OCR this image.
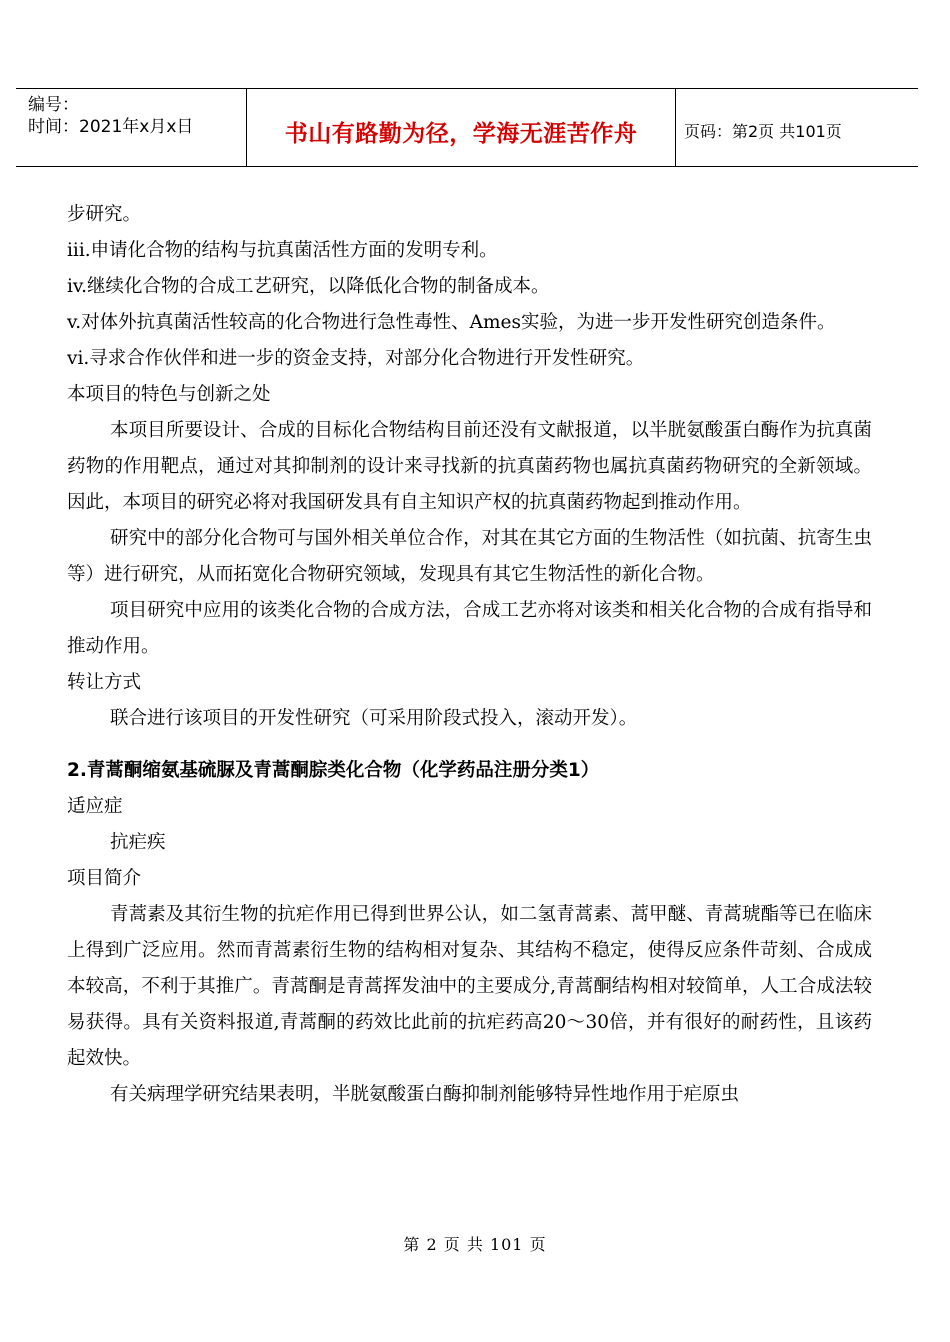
编号：
时间：2021年x月x日	书山有路勤为径，学海无涯苦作舟	页码：第2页 共101页

步研究。

iii.申请化合物的结构与抗真菌活性方面的发明专利。

iv.继续化合物的合成工艺研究，以降低化合物的制备成本。

v.对体外抗真菌活性较高的化合物进行急性毒性、Ames实验，为进一步开发性研究创造条件。

vi.寻求合作伙伴和进一步的资金支持，对部分化合物进行开发性研究。

本项目的特色与创新之处

本项目所要设计、合成的目标化合物结构目前还没有文献报道，以半胱氨酸蛋白酶作为抗真菌药物的作用靶点，通过对其抑制剂的设计来寻找新的抗真菌药物也属抗真菌药物研究的全新领域。因此，本项目的研究必将对我国研发具有自主知识产权的抗真菌药物起到推动作用。

研究中的部分化合物可与国外相关单位合作，对其在其它方面的生物活性（如抗菌、抗寄生虫等）进行研究，从而拓宽化合物研究领域，发现具有其它生物活性的新化合物。

项目研究中应用的该类化合物的合成方法，合成工艺亦将对该类和相关化合物的合成有指导和推动作用。

转让方式

联合进行该项目的开发性研究（可采用阶段式投入，滚动开发）。

2.青蒿酮缩氨基硫脲及青蒿酮腙类化合物（化学药品注册分类1）

适应症

抗疟疾

项目简介

青蒿素及其衍生物的抗疟作用已得到世界公认，如二氢青蒿素、蒿甲醚、青蒿琥酯等已在临床上得到广泛应用。然而青蒿素衍生物的结构相对复杂、其结构不稳定，使得反应条件苛刻、合成成本较高，不利于其推广。青蒿酮是青蒿挥发油中的主要成分,青蒿酮结构相对较简单，人工合成法较易获得。具有关资料报道,青蒿酮的药效比此前的抗疟药高20～30倍，并有很好的耐药性，且该药起效快。

有关病理学研究结果表明，半胱氨酸蛋白酶抑制剂能够特异性地作用于疟原虫

第 2 页 共 101 页
